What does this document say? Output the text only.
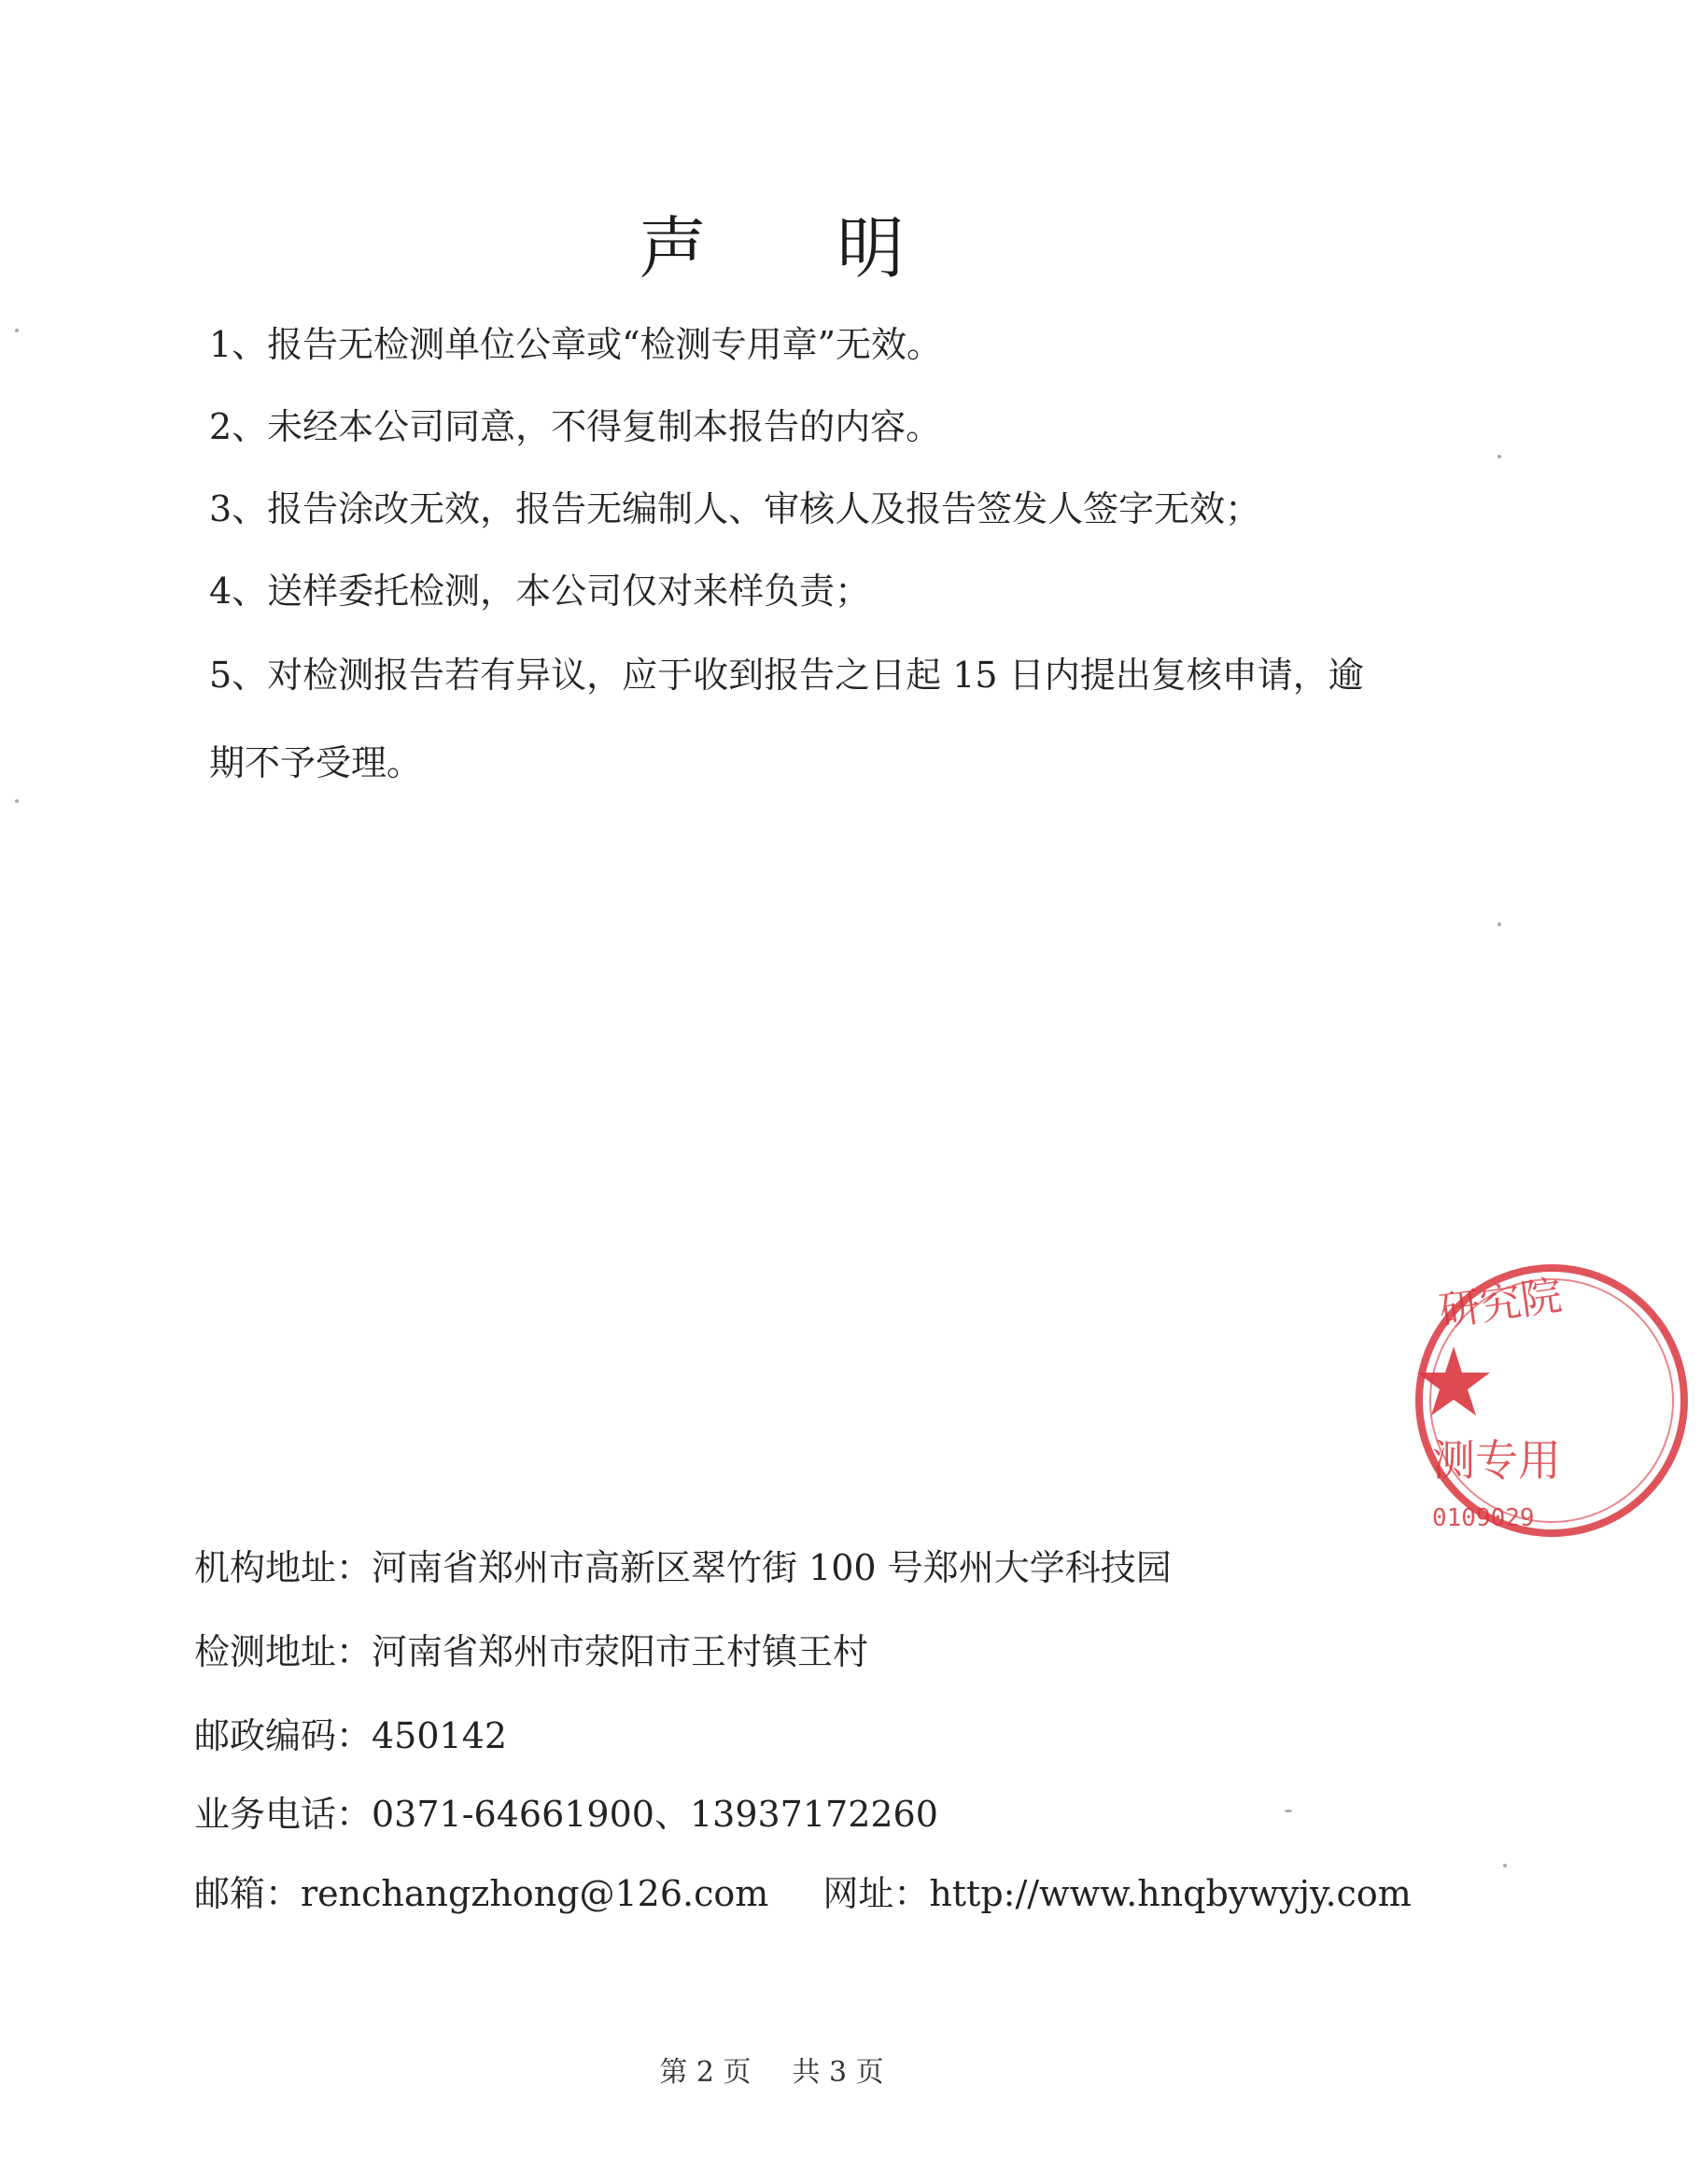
声明
1、报告无检测单位公章或“检测专用章”无效。
2、未经本公司同意，不得复制本报告的内容。
3、报告涂改无效，报告无编制人、审核人及报告签发人签字无效；
4、送样委托检测，本公司仅对来样负责；
5、对检测报告若有异议，应于收到报告之日起 15 日内提出复核申请，逾期不予受理。
机构地址：河南省郑州市高新区翠竹街 100 号郑州大学科技园
检测地址：河南省郑州市荥阳市王村镇王村
邮政编码：450142
业务电话：0371-64661900、13937172260
邮箱：renchangzhong@126.com 网址：http://www.hnqbywyjy.com
第 2 页 共 3 页
研究院
测专用
0109029
